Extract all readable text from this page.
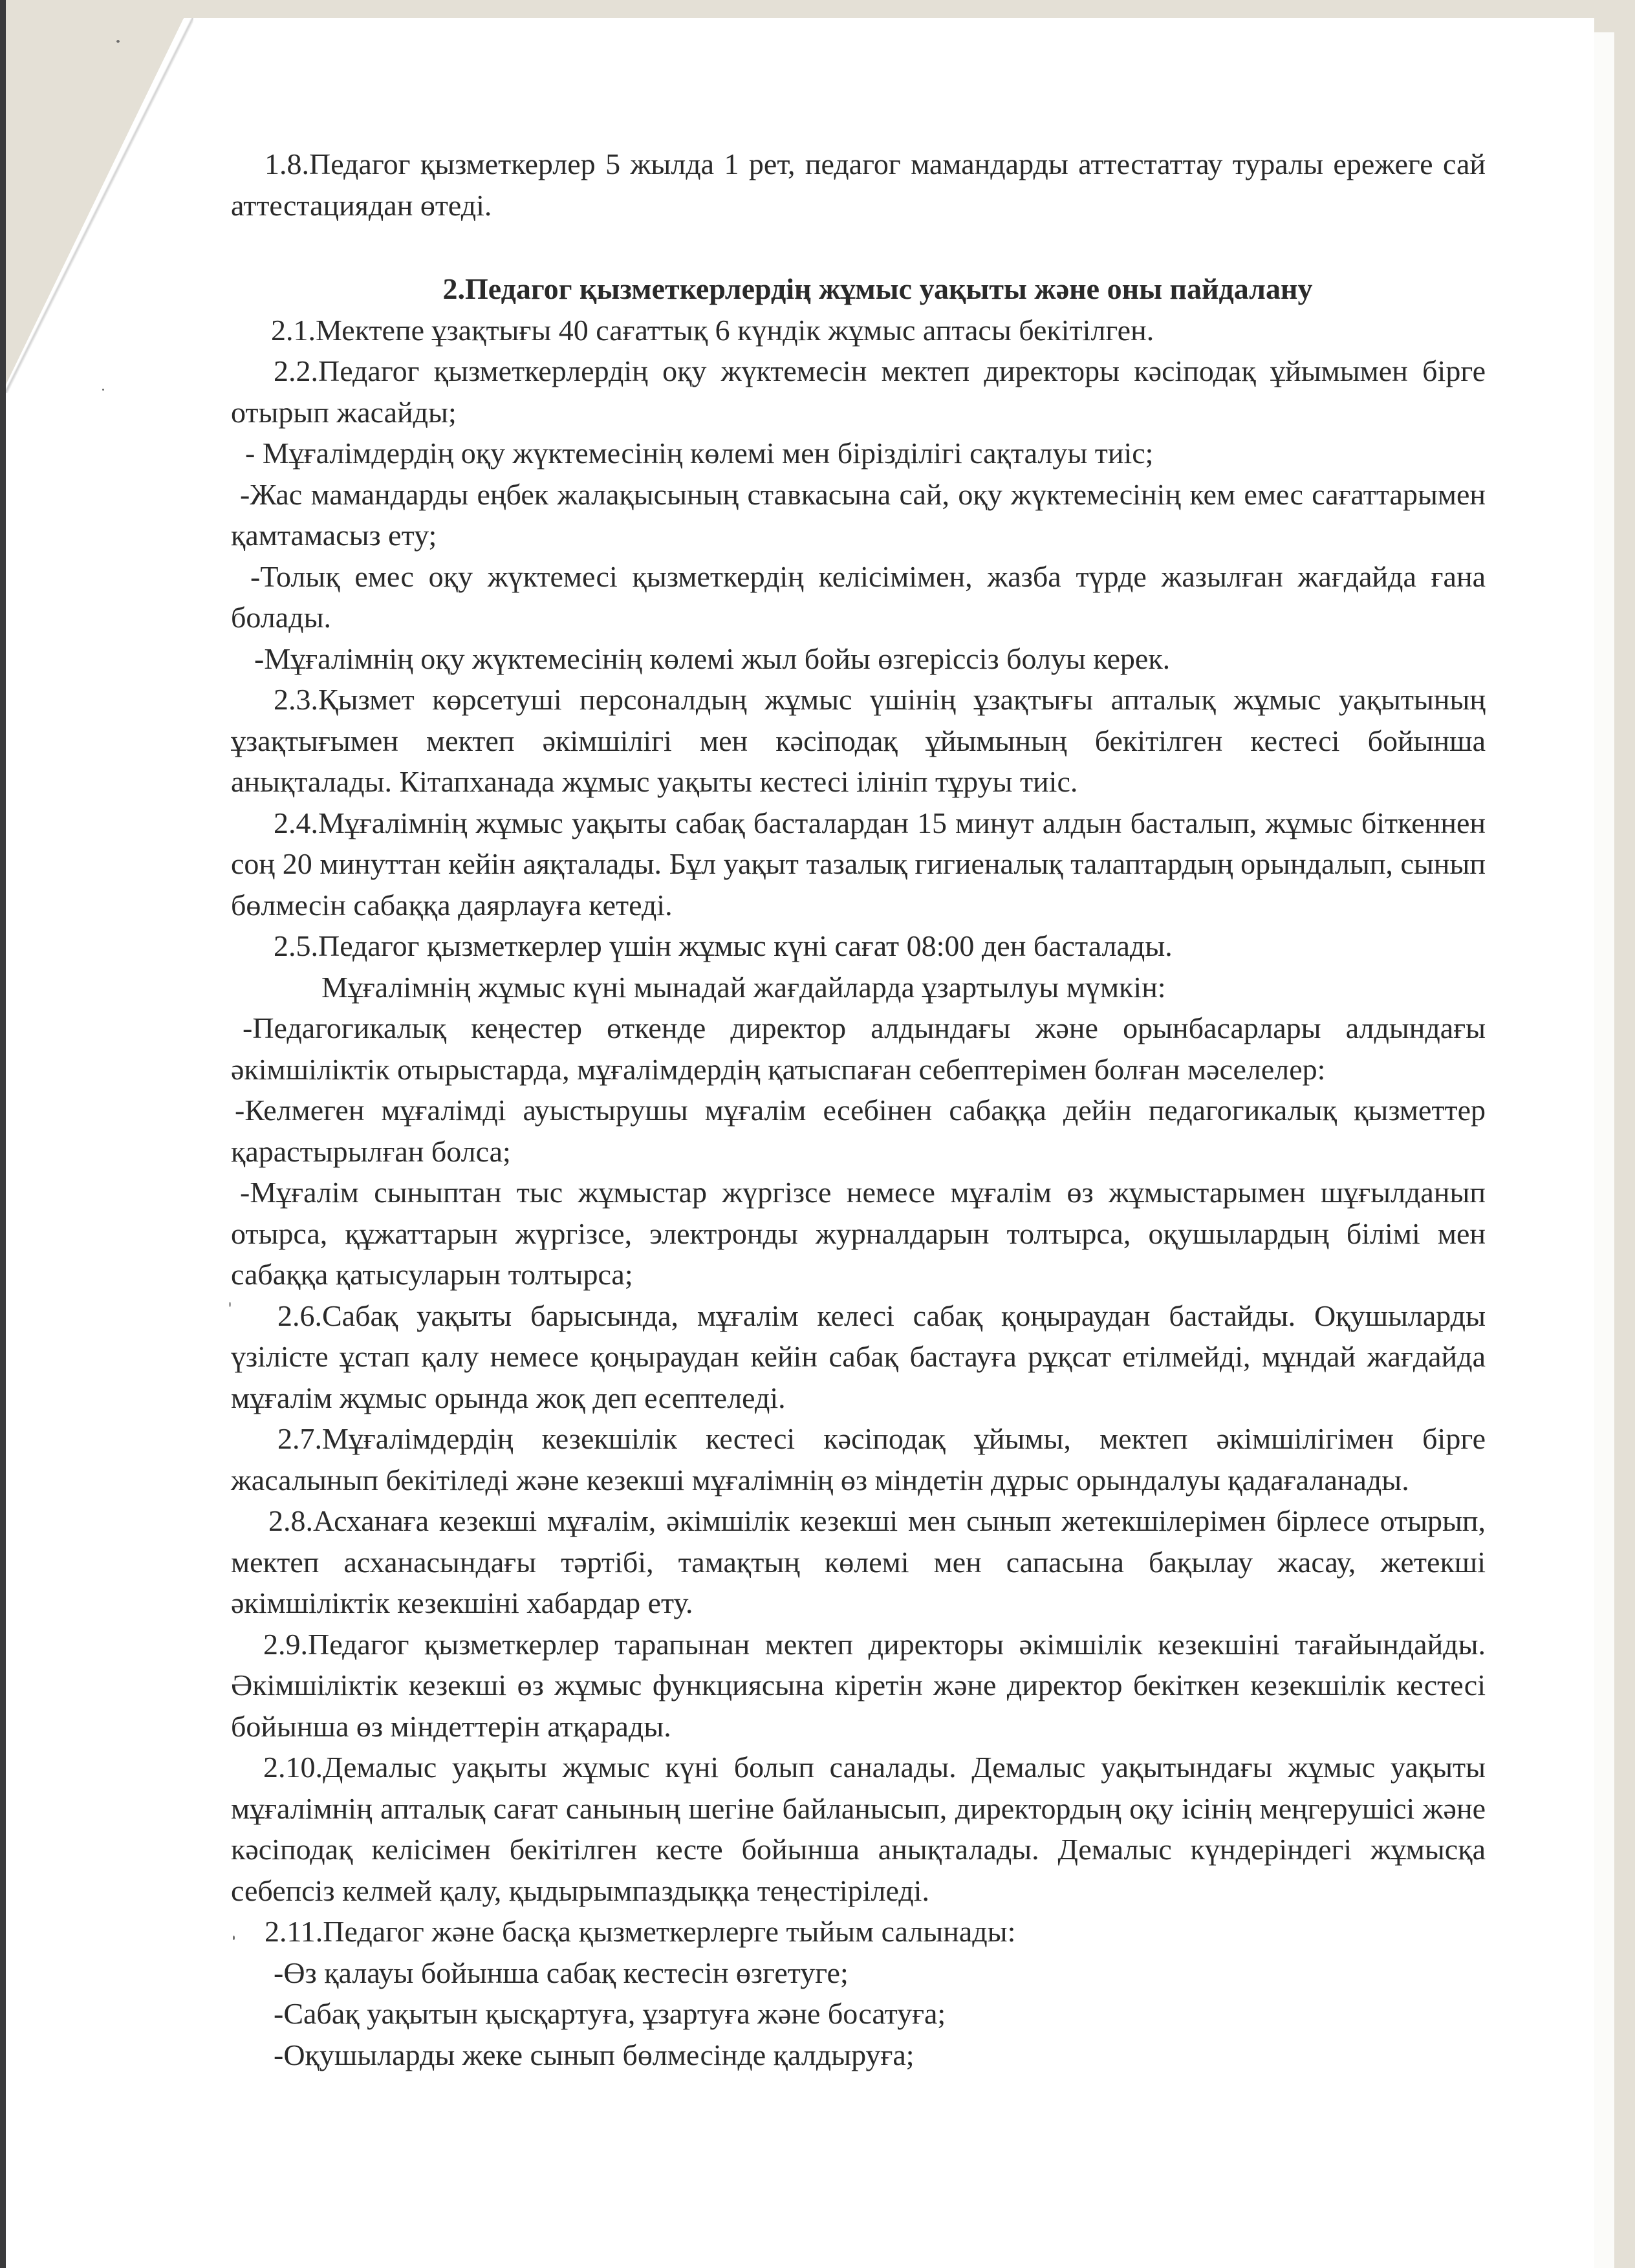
1.8.Педагог қызметкерлер 5 жылда 1 рет, педагог мамандарды аттестаттау туралы ережеге сай аттестациядан өтеді.

2.Педагог қызметкерлердің жұмыс уақыты және оны пайдалану

2.1.Мектепе ұзақтығы 40 сағаттық 6 күндік жұмыс аптасы бекітілген.

2.2.Педагог қызметкерлердің оқу жүктемесін мектеп директоры кәсіподақ ұйымымен бірге отырып жасайды;

- Мұғалімдердің оқу жүктемесінің көлемі мен біріздiлiгі сақталуы тиіс;

-Жас мамандарды еңбек жалақысының ставкасына сай, оқу жүктемесінің кем емес сағаттарымен қамтамасыз ету;

-Толық емес оқу жүктемесі қызметкердің келісімімен, жазба түрде жазылған жағдайда ғана болады.

-Мұғалімнің оқу жүктемесінің көлемі жыл бойы өзгеріссіз болуы керек.

2.3.Қызмет көрсетуші персоналдың жұмыс үшінің ұзақтығы апталық жұмыс уақытының ұзақтығымен мектеп әкімшілігі мен кәсіподақ ұйымының бекітілген кестесі бойынша анықталады. Кітапханада жұмыс уақыты кестесі ілініп тұруы тиіс.

2.4.Мұғалімнің жұмыс уақыты сабақ басталардан 15 минут алдын басталып, жұмыс біткеннен соң 20 минуттан кейін аяқталады. Бұл уақыт тазалық гигиеналық талаптардың орындалып, сынып бөлмесін сабаққа даярлауға кетеді.

2.5.Педагог қызметкерлер үшін жұмыс күні сағат 08:00 ден басталады.

Мұғалімнің жұмыс күні мынадай жағдайларда ұзартылуы мүмкін:

-Педагогикалық кеңестер өткенде директор алдындағы және орынбасарлары алдындағы әкімшіліктік отырыстарда, мұғалімдердің қатыспаған себептерімен болған мәселелер:

-Келмеген мұғалімді ауыстырушы мұғалім есебінен сабаққа дейін педагогикалық қызметтер қарастырылған болса;

-Мұғалім сыныптан тыс жұмыстар жүргізсе немесе мұғалім өз жұмыстарымен шұғылданып отырса, құжаттарын жүргізсе, электронды журналдарын толтырса, оқушылардың білімі мен сабаққа қатысуларын толтырса;

2.6.Сабақ уақыты барысында, мұғалім келесі сабақ қоңыраудан бастайды. Оқушыларды үзілісте ұстап қалу немесе қоңыраудан кейін сабақ бастауға рұқсат етілмейді, мұндай жағдайда мұғалім жұмыс орында жоқ деп есептеледі.

2.7.Мұғалімдердің кезекшілік кестесі кәсіподақ ұйымы, мектеп әкімшілігімен бірге жасалынып бекітіледі және кезекші мұғалімнің өз міндетін дұрыс орындалуы қадағаланады.

2.8.Асханаға кезекші мұғалім, әкімшілік кезекші мен сынып жетекшілерімен бірлесе отырып, мектеп асханасындағы тәртібі, тамақтың көлемі мен сапасына бақылау жасау, жетекші әкімшіліктік кезекшіні хабардар ету.

2.9.Педагог қызметкерлер тарапынан мектеп директоры әкімшілік кезекшіні тағайындайды. Әкімшіліктік кезекші өз жұмыс функциясына кіретін және директор бекіткен кезекшілік кестесі бойынша өз міндеттерін атқарады.

2.10.Демалыс уақыты жұмыс күні болып саналады. Демалыс уақытындағы жұмыс уақыты мұғалімнің апталық сағат санының шегіне байланысып, директордың оқу ісінің меңгерушісі және кәсіподақ келісімен бекітілген кесте бойынша анықталады. Демалыс күндеріндегі жұмысқа себепсіз келмей қалу, қыдырымпаздыққа теңестіріледі.

2.11.Педагог және басқа қызметкерлерге тыйым салынады:

-Өз қалауы бойынша сабақ кестесін өзгетуге;

-Сабақ уақытын қысқартуға, ұзартуға және босатуға;

-Оқушыларды жеке сынып бөлмесінде қалдыруға;
